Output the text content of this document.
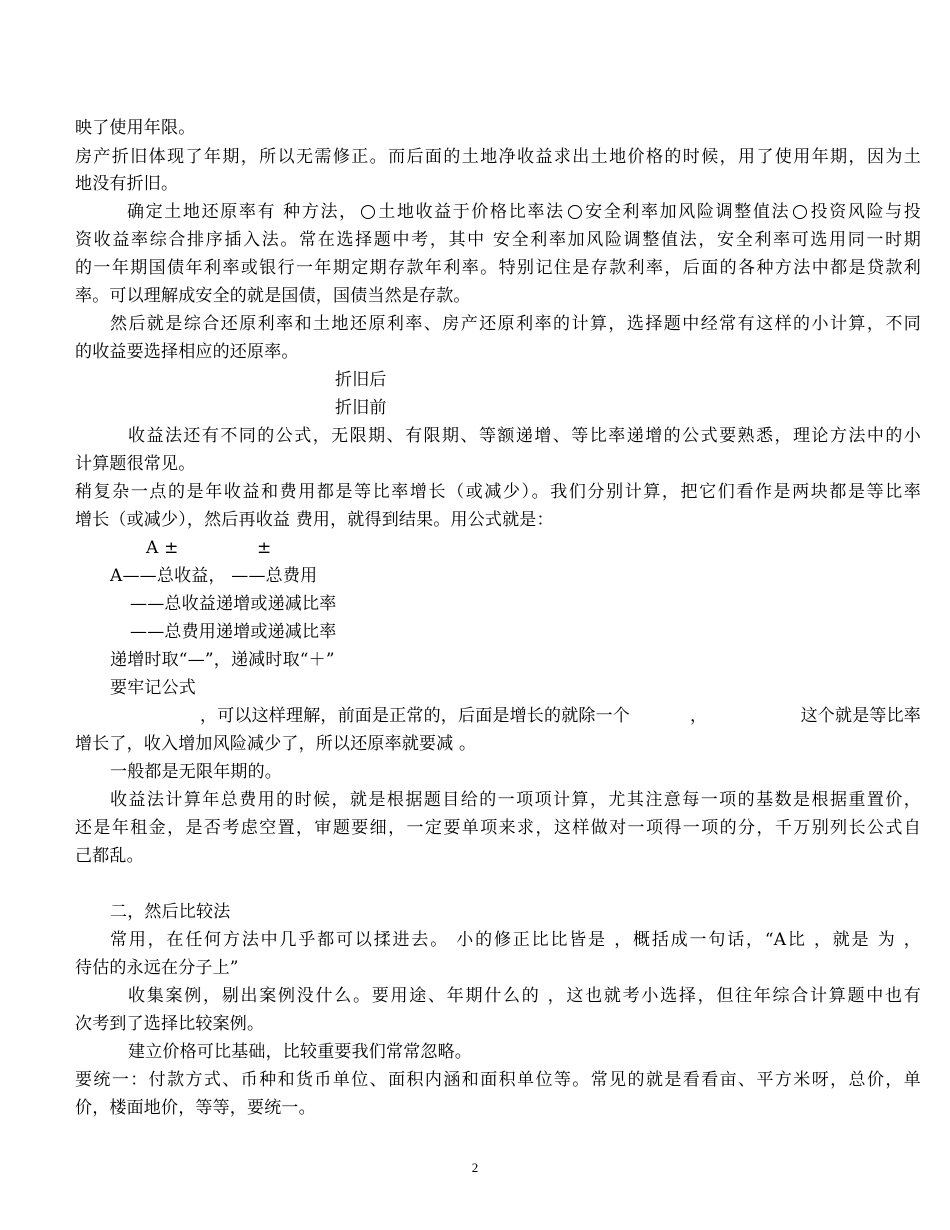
映了使用年限。
房产折旧体现了年期，所以无需修正。而后面的土地净收益求出土地价格的时候，用了使用年期，因为土
地没有折旧。
确定土地还原率有 种方法， 土地收益于价格比率法 安全利率加风险调整值法 投资风险与投
资收益率综合排序插入法。常在选择题中考，其中 安全利率加风险调整值法，安全利率可选用同一时期
的一年期国债年利率或银行一年期定期存款年利率。特别记住是存款利率，后面的各种方法中都是贷款利
率。可以理解成安全的就是国债，国债当然是存款。
然后就是综合还原利率和土地还原利率、房产还原利率的计算，选择题中经常有这样的小计算，不同
的收益要选择相应的还原率。
折旧后
折旧前
收益法还有不同的公式，无限期、有限期、等额递增、等比率递增的公式要熟悉，理论方法中的小
计算题很常见。
稍复杂一点的是年收益和费用都是等比率增长（或减少）。我们分别计算，把它们看作是两块都是等比率
增长（或减少），然后再收益 费用，就得到结果。用公式就是：
A ±	±
A——总收益， ——总费用
——总收益递增或递减比率
——总费用递增或递减比率
递增时取“—”，递减时取“＋”
要牢记公式
，可以这样理解，前面是正常的，后面是增长的就除一个	，	这个就是等比率
增长了，收入增加风险减少了，所以还原率就要减 。
一般都是无限年期的。
收益法计算年总费用的时候，就是根据题目给的一项项计算，尤其注意每一项的基数是根据重置价，
还是年租金，是否考虑空置，审题要细，一定要单项来求，这样做对一项得一项的分，千万别列长公式自
己都乱。
二，然后比较法
常用，在任何方法中几乎都可以揉进去。 小的修正比比皆是 ，概括成一句话，“A比 ，就是 为 ，
待估的永远在分子上”
收集案例，剔出案例没什么。要用途、年期什么的 ，这也就考小选择，但往年综合计算题中也有
次考到了选择比较案例。
建立价格可比基础，比较重要我们常常忽略。
要统一：付款方式、币种和货币单位、面积内涵和面积单位等。常见的就是看看亩、平方米呀，总价，单
价，楼面地价，等等，要统一。
2
